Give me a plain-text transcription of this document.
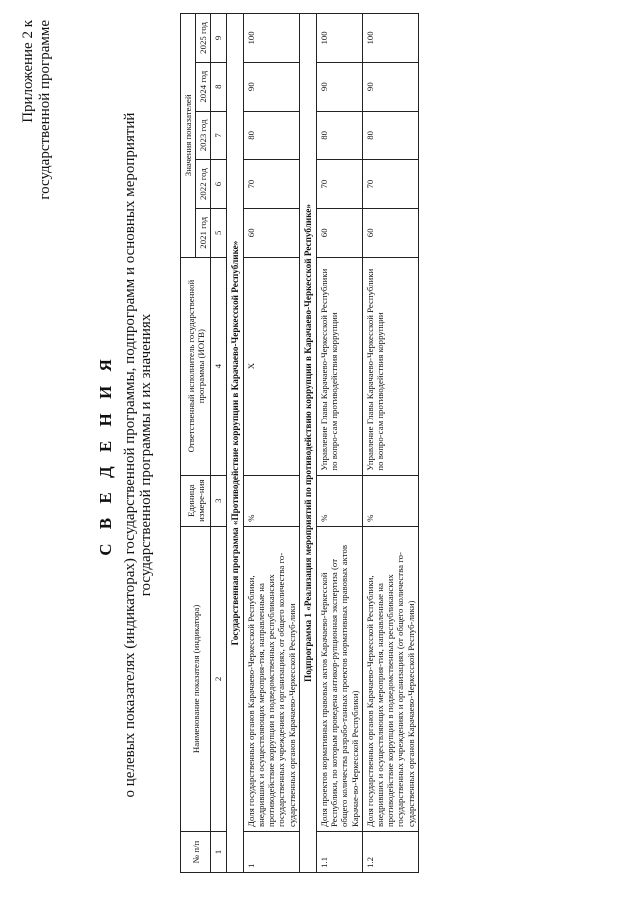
Приложение 2 к государственной программе
С В Е Д Е Н И Я о целевых показателях (индикаторах) государственной программы, подпрограмм и основных мероприятий государственной программы и их значениях
№ п/п	Наименование показателя (индикатора)	Единица измере-ния	Ответственный исполнитель государственной программы (ИОГВ)	Значения показателей				
				2021 год	2022 год	2023 год	2024 год	2025 год
1	2	3	4	5	6	7	8	9
Государственная программа «Противодействие коррупции в Карачаево-Черкесской Республике»								
1	Доля государственных органов Карачаево-Черкесской Республики, внедривших и осуществляющих мероприя-тия, направленные на противодействие коррупции в подведомственных республиканских государственных учреждениях и организациях, от общего количества го-сударственных органов Карачаево-Черкесской Респуб-лики	%	X	60	70	80	90	100
Подпрограмма 1 «Реализация мероприятий по противодействию коррупции в Карачаево-Черкесской Республике»								
1.1	Доля проектов нормативных правовых актов Карачаево-Черкесской Республики, по которым проведена антикор-рупционная экспертиза (от общего количества разрабо-танных проектов нормативных правовых актов Карачае-во-Черкесской Республики)	%	Управление Главы Карачаево-Черкесской Республики по вопро-сам противодействия коррупции	60	70	80	90	100
1.2	Доля государственных органов Карачаево-Черкесской Республики, внедривших и осуществляющих мероприя-тия, направленные на противодействие коррупции в подведомственных республиканских государственных учреждениях и организациях (от общего количества го-сударственных органов Карачаево-Черкесской Респуб-лики)	%	Управление Главы Карачаево-Черкесской Республики по вопро-сам противодействия коррупции	60	70	80	90	100
